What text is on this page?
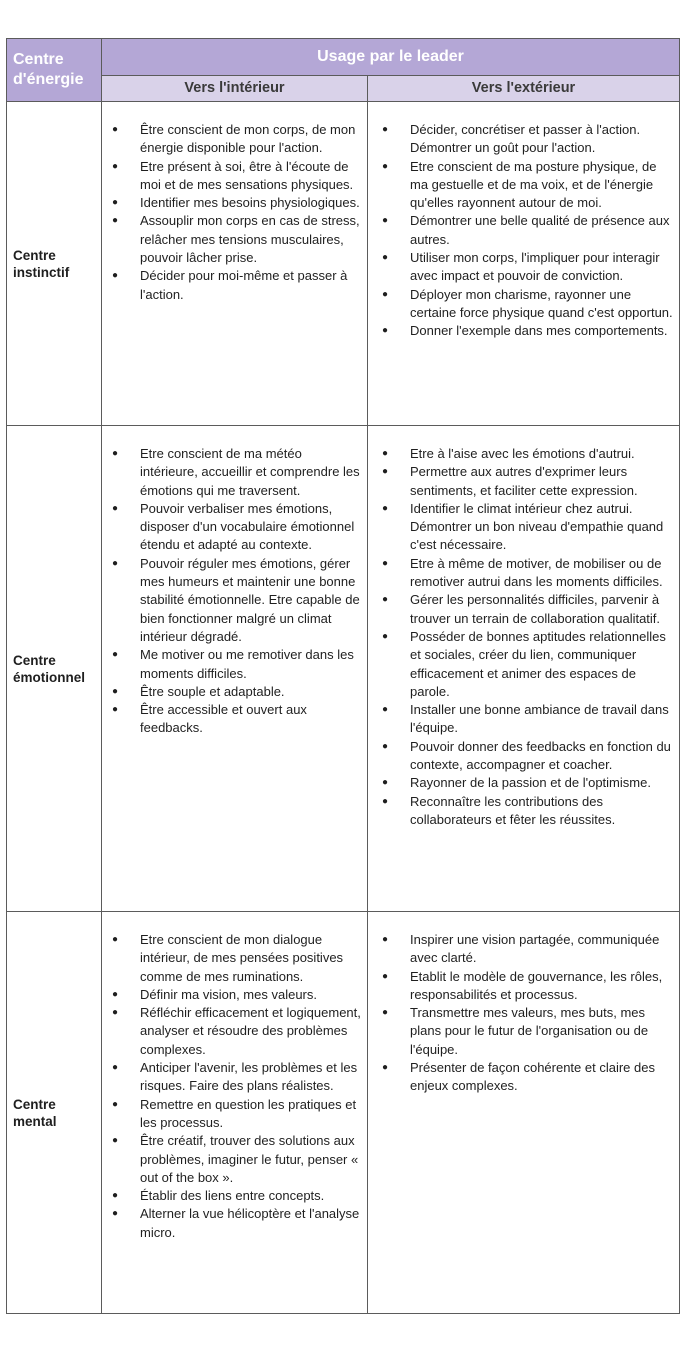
Centre d'énergie
Usage par le leader
Vers l'intérieur	Vers l'extérieur
Centre instinctif
● Être conscient de mon corps, de mon énergie disponible pour l'action.
● Etre présent à soi, être à l'écoute de moi et de mes sensations physiques.
● Identifier mes besoins physiologiques.
● Assouplir mon corps en cas de stress, relâcher mes tensions musculaires, pouvoir lâcher prise.
● Décider pour moi-même et passer à l'action.
● Décider, concrétiser et passer à l'action. Démontrer un goût pour l'action.
● Etre conscient de ma posture physique, de ma gestuelle et de ma voix, et de l'énergie qu'elles rayonnent autour de moi.
● Démontrer une belle qualité de présence aux autres.
● Utiliser mon corps, l'impliquer pour interagir avec impact et pouvoir de conviction.
● Déployer mon charisme, rayonner une certaine force physique quand c'est opportun.
● Donner l'exemple dans mes comportements.
Centre émotionnel
● Etre conscient de ma météo intérieure, accueillir et comprendre les émotions qui me traversent.
● Pouvoir verbaliser mes émotions, disposer d'un vocabulaire émotionnel étendu et adapté au contexte.
● Pouvoir réguler mes émotions, gérer mes humeurs et maintenir une bonne stabilité émotionnelle. Etre capable de bien fonctionner malgré un climat intérieur dégradé.
● Me motiver ou me remotiver dans les moments difficiles.
● Être souple et adaptable.
● Être accessible et ouvert aux feedbacks.
● Etre à l'aise avec les émotions d'autrui.
● Permettre aux autres d'exprimer leurs sentiments, et faciliter cette expression.
● Identifier le climat intérieur chez autrui. Démontrer un bon niveau d'empathie quand c'est nécessaire.
● Etre à même de motiver, de mobiliser ou de remotiver autrui dans les moments difficiles.
● Gérer les personnalités difficiles, parvenir à trouver un terrain de collaboration qualitatif.
● Posséder de bonnes aptitudes relationnelles et sociales, créer du lien, communiquer efficacement et animer des espaces de parole.
● Installer une bonne ambiance de travail dans l'équipe.
● Pouvoir donner des feedbacks en fonction du contexte, accompagner et coacher.
● Rayonner de la passion et de l'optimisme.
● Reconnaître les contributions des collaborateurs et fêter les réussites.
Centre mental
● Etre conscient de mon dialogue intérieur, de mes pensées positives comme de mes ruminations.
● Définir ma vision, mes valeurs.
● Réfléchir efficacement et logiquement, analyser et résoudre des problèmes complexes.
● Anticiper l'avenir, les problèmes et les risques. Faire des plans réalistes.
● Remettre en question les pratiques et les processus.
● Être créatif, trouver des solutions aux problèmes, imaginer le futur, penser « out of the box ».
● Établir des liens entre concepts.
● Alterner la vue hélicoptère et l'analyse micro.
● Inspirer une vision partagée, communiquée avec clarté.
● Etablit le modèle de gouvernance, les rôles, responsabilités et processus.
● Transmettre mes valeurs, mes buts, mes plans pour le futur de l'organisation ou de l'équipe.
● Présenter de façon cohérente et claire des enjeux complexes.
